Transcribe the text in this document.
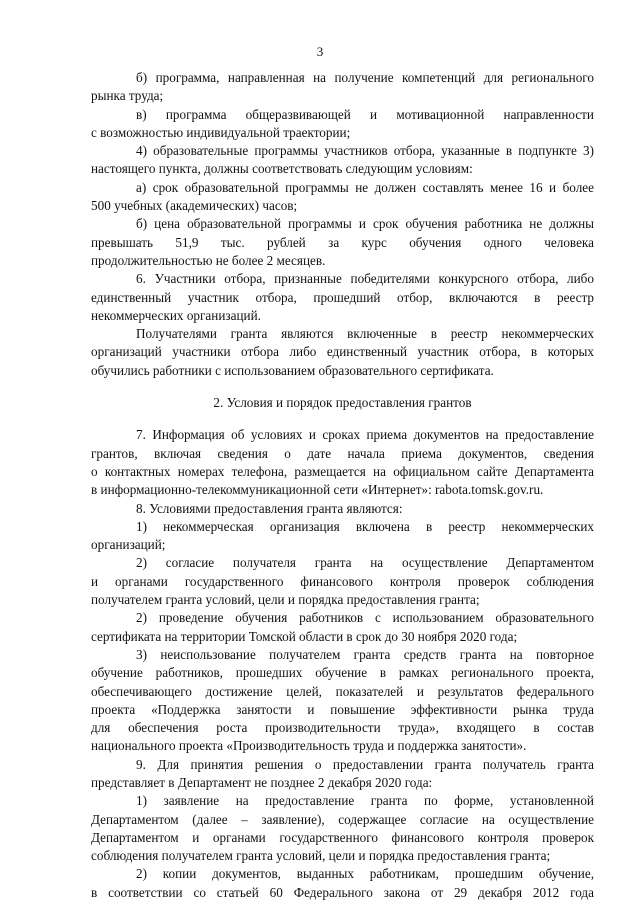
3
б) программа, направленная на получение компетенций для регионального
рынка труда;
в) программа общеразвивающей и мотивационной направленности
с возможностью индивидуальной траектории;
4) образовательные программы участников отбора, указанные в подпункте 3)
настоящего пункта, должны соответствовать следующим условиям:
а) срок образовательной программы не должен составлять менее 16 и более
500 учебных (академических) часов;
б) цена образовательной программы и срок обучения работника не должны
превышать 51,9 тыс. рублей за курс обучения одного человека
продолжительностью не более 2 месяцев.
6. Участники отбора, признанные победителями конкурсного отбора, либо
единственный участник отбора, прошедший отбор, включаются в реестр
некоммерческих организаций.
Получателями гранта являются включенные в реестр некоммерческих
организаций участники отбора либо единственный участник отбора, в которых
обучились работники с использованием образовательного сертификата.
2. Условия и порядок предоставления грантов
7. Информация об условиях и сроках приема документов на предоставление
грантов, включая сведения о дате начала приема документов, сведения
о контактных номерах телефона, размещается на официальном сайте Департамента
в информационно-телекоммуникационной сети «Интернет»: rabota.tomsk.gov.ru.
8. Условиями предоставления гранта являются:
1) некоммерческая организация включена в реестр некоммерческих
организаций;
2) согласие получателя гранта на осуществление Департаментом
и органами государственного финансового контроля проверок соблюдения
получателем гранта условий, цели и порядка предоставления гранта;
2) проведение обучения работников с использованием образовательного
сертификата на территории Томской области в срок до 30 ноября 2020 года;
3) неиспользование получателем гранта средств гранта на повторное
обучение работников, прошедших обучение в рамках регионального проекта,
обеспечивающего достижение целей, показателей и результатов федерального
проекта «Поддержка занятости и повышение эффективности рынка труда
для обеспечения роста производительности труда», входящего в состав
национального проекта «Производительность труда и поддержка занятости».
9. Для принятия решения о предоставлении гранта получатель гранта
представляет в Департамент не позднее 2 декабря 2020 года:
1) заявление на предоставление гранта по форме, установленной
Департаментом (далее – заявление), содержащее согласие на осуществление
Департаментом и органами государственного финансового контроля проверок
соблюдения получателем гранта условий, цели и порядка предоставления гранта;
2) копии документов, выданных работникам, прошедшим обучение,
в соответствии со статьей 60 Федерального закона от 29 декабря 2012 года
